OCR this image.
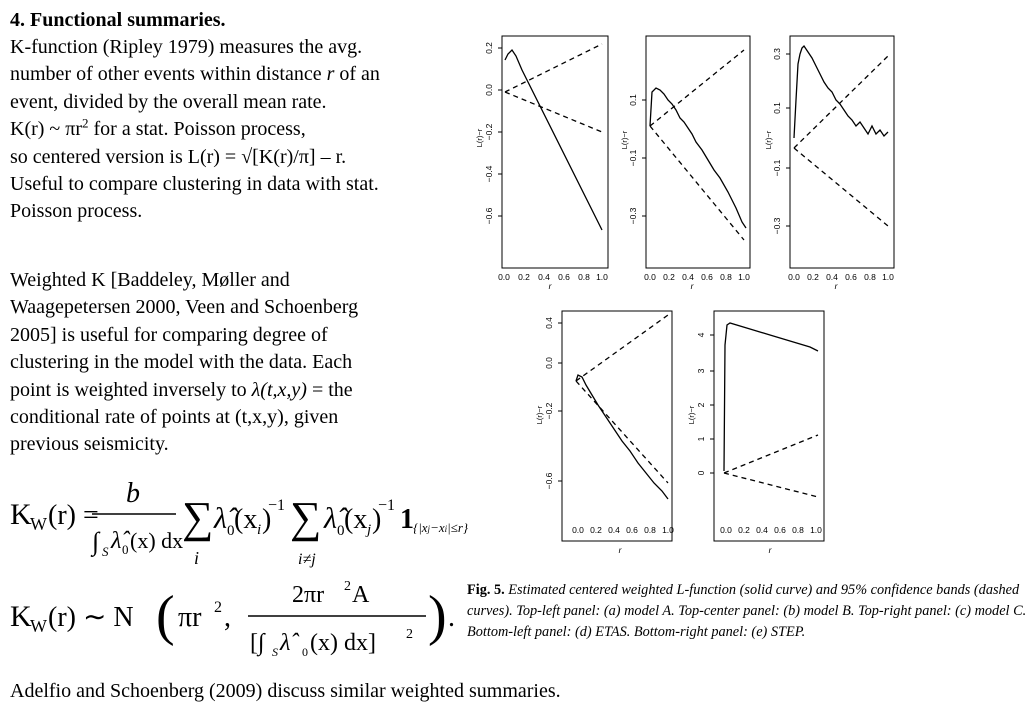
4. Functional summaries.
K-function (Ripley 1979) measures the avg.
number of other events within distance r of an
event, divided by the overall mean rate.
K(r) ~ $\pi r^2$ for a stat. Poisson process,
so centered version is L(r) = √[K(r)/π] – r.
Useful to compare clustering in data with stat.
Poisson process.
Weighted K [Baddeley, Møller and
Waagepetersen 2000, Veen and Schoenberg
2005] is useful for comparing degree of
clustering in the model with the data. Each
point is weighted inversely to λ(t,x,y) = the
conditional rate of points at (t,x,y), given
previous seismicity.
K
W (r) =
b
∫ S λ̂ 0 (x) dx
∑
i
λ̂ 0 (x i )
−1 ∑
i≠j
λ̂ 0 (x j )
−1 1 {|xj−xi|≤r}
K
W (r) ∼ N ( πr 2 ,
2πr 2 A
[∫ S λ̂ 0 (x) dx] 2 ) .
0.2
0.0
−0.2
−0.4
−0.6
L(r)−r
0.0 0.2 0.4 0.6 0.8 1.0
r
0.1
−0.1
−0.3
L(r)−r
0.0 0.2 0.4 0.6 0.8 1.0
r
0.3
0.1
−0.1
−0.3
L(r)−r
0.0 0.2 0.4 0.6 0.8 1.0
r
0.4
0.0
−0.2
−0.6
L(r)−r
0.0 0.2 0.4 0.6 0.8 1.0
r
4
3
2
1
0
L(r)−r
0.0 0.2 0.4 0.6 0.8 1.0
r
Fig. 5. Estimated centered weighted L-function (solid curve) and 95% confidence bands (dashed
curves). Top-left panel: (a) model A. Top-center panel: (b) model B. Top-right panel: (c) model C.
Bottom-left panel: (d) ETAS. Bottom-right panel: (e) STEP.
Adelfio and Schoenberg (2009) discuss similar weighted summaries.
